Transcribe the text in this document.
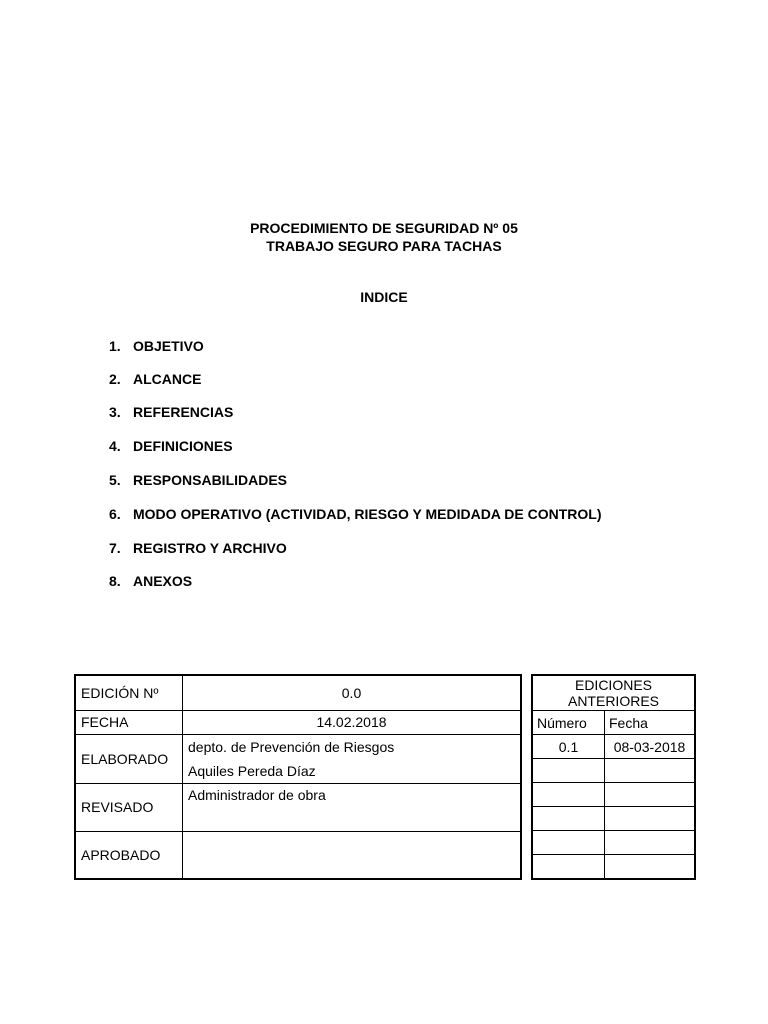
PROCEDIMIENTO DE SEGURIDAD Nº 05
TRABAJO SEGURO PARA TACHAS
INDICE
1. OBJETIVO
2. ALCANCE
3. REFERENCIAS
4. DEFINICIONES
5. RESPONSABILIDADES
6. MODO OPERATIVO (ACTIVIDAD, RIESGO Y MEDIDADA DE CONTROL)
7. REGISTRO Y ARCHIVO
8. ANEXOS
EDICIÓN Nº	0.0
FECHA	14.02.2018
ELABORADO	depto. de Prevención de Riesgos
Aquiles Pereda Díaz

REVISADO	Administrador de obra
APROBADO	
EDICIONES
ANTERIORES	

Número	Fecha
0.1	08-03-2018
